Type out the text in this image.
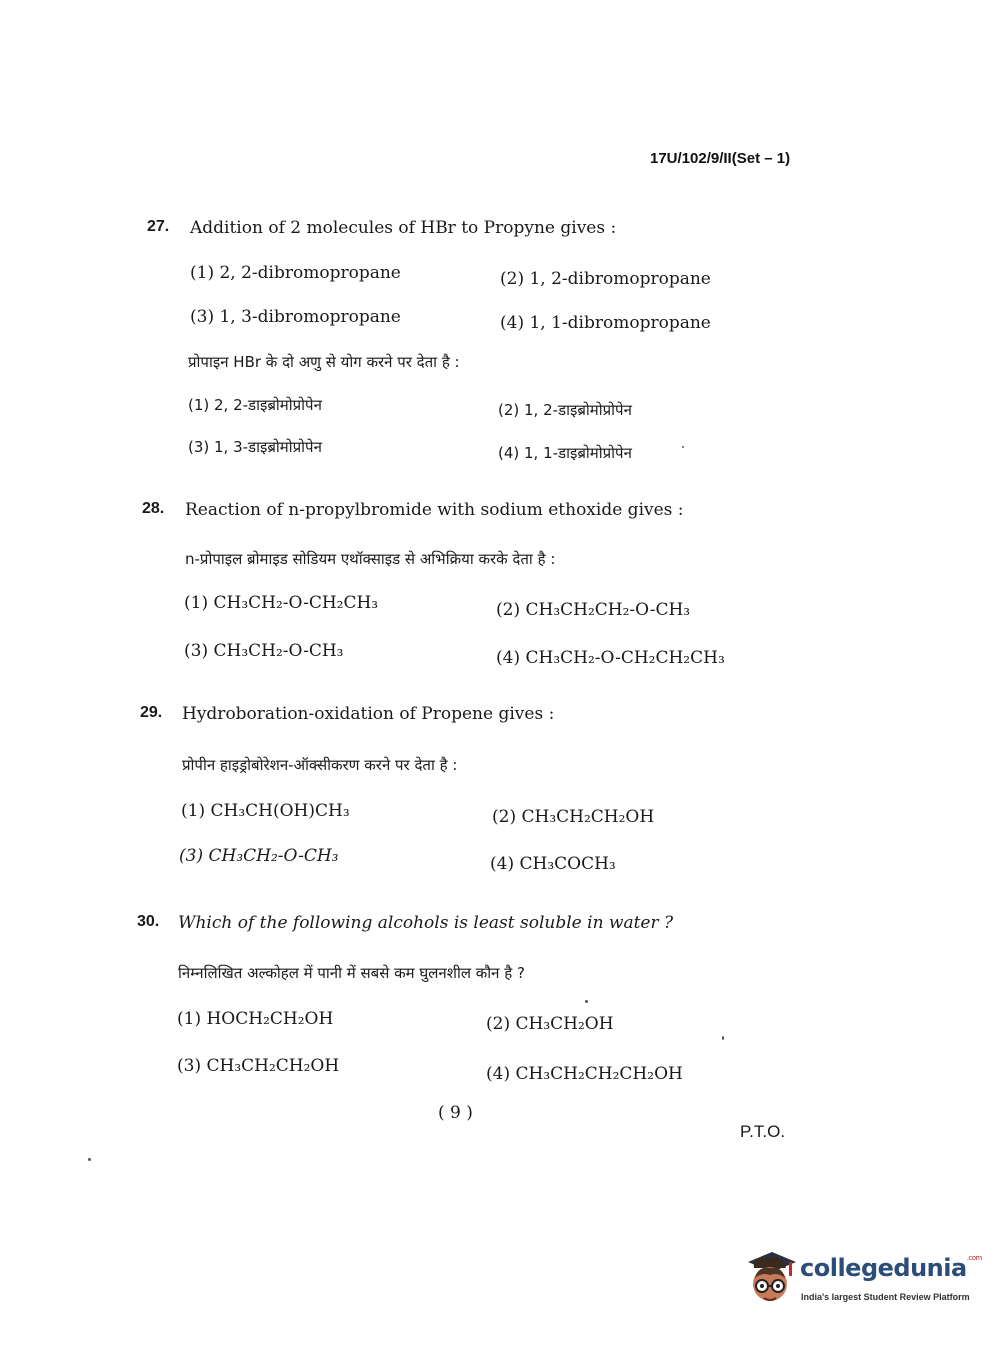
17U/102/9/II(Set – 1)
27. Addition of 2 molecules of HBr to Propyne gives :
(1) 2, 2-dibromopropane	(2) 1, 2-dibromopropane
(3) 1, 3-dibromopropane	(4) 1, 1-dibromopropane
प्रोपाइन HBr के दो अणु से योग करने पर देता है :
(1) 2, 2-डाइब्रोमोप्रोपेन	(2) 1, 2-डाइब्रोमोप्रोपेन
(3) 1, 3-डाइब्रोमोप्रोपेन	(4) 1, 1-डाइब्रोमोप्रोपेन
28. Reaction of n-propylbromide with sodium ethoxide gives :
n-प्रोपाइल ब्रोमाइड सोडियम एथॉक्साइड से अभिक्रिया करके देता है :
(1) CH₃CH₂-O-CH₂CH₃	(2) CH₃CH₂CH₂-O-CH₃
(3) CH₃CH₂-O-CH₃	(4) CH₃CH₂-O-CH₂CH₂CH₃
29. Hydroboration-oxidation of Propene gives :
प्रोपीन हाइड्रोबोरेशन-ऑक्सीकरण करने पर देता है :
(1) CH₃CH(OH)CH₃	(2) CH₃CH₂CH₂OH
(3) CH₃CH₂-O-CH₃	(4) CH₃COCH₃
30. Which of the following alcohols is least soluble in water ?
निम्नलिखित अल्कोहल में पानी में सबसे कम घुलनशील कौन है ?
(1) HOCH₂CH₂OH	(2) CH₃CH₂OH
(3) CH₃CH₂CH₂OH	(4) CH₃CH₂CH₂CH₂OH
( 9 )
P.T.O.
collegedunia$^{.com}$
India's largest Student Review Platform
